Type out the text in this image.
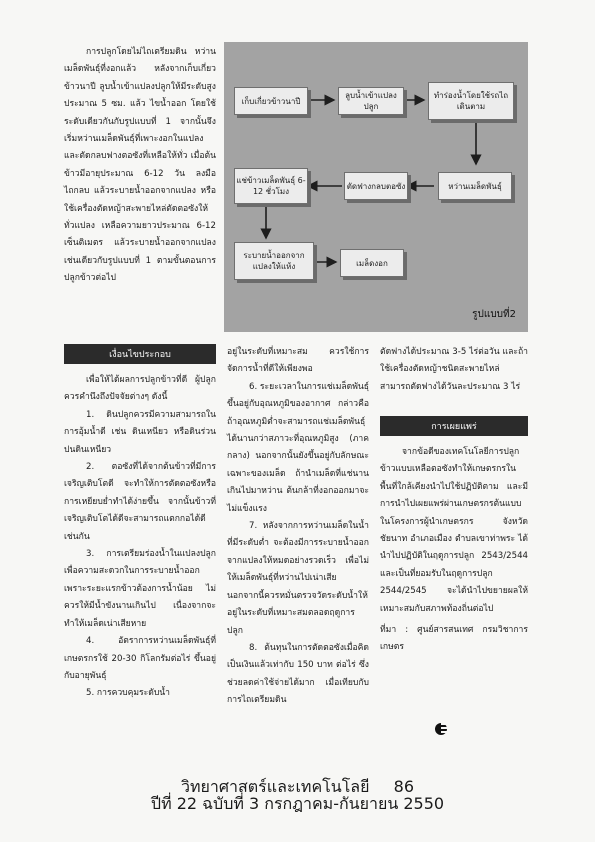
การปลูกโดยไม่ไถเตรียมดิน หว่านเมล็ดพันธุ์ที่งอกแล้ว หลังจากเก็บเกี่ยวข้าวนาปี ลูบน้ำเข้าแปลงปลูกให้มีระดับสูง ประมาณ 5 ซม. แล้ว ไขน้ำออก โดยใช้ระดับเดียวกันกับรูปแบบที่ 1 จากนั้นจึงเริ่มหว่านเมล็ดพันธุ์ที่เพาะงอกในแปลงและตัดกลบฟางตอซังที่เหลือให้ทั่ว เมื่อต้นข้าวมีอายุประมาณ 6-12 วัน ลงมือไถกลบ แล้วระบายน้ำออกจากแปลง หรือใช้เครื่องตัดหญ้าสะพายไหล่ตัดตอซังให้ทั่วแปลง เหลือความยาวประมาณ 6-12 เซ็นติเมตร แล้วระบายน้ำออกจากแปลงเช่นเดียวกับรูปแบบที่ 1 ตามขั้นตอนการปลูกข้าวต่อไป

เก็บเกี่ยวข้าวนาปี
ลูบน้ำเข้าแปลงปลูก
ทำร่องน้ำโดยใช้รถไถเดินตาม
หว่านเมล็ดพันธุ์
ตัดฟางกลบตอซัง
แช่ข้าวเมล็ดพันธุ์ 6-12 ชั่วโมง
ระบายน้ำออกจากแปลงให้แห้ง	เมล็ดงอก
รูปแบบที่2
เงื่อนไขประกอบ

เพื่อให้ได้ผลการปลูกข้าวที่ดี ผู้ปลูกควรคำนึงถึงปัจจัยต่างๆ ดังนี้

1. ดินปลูกควรมีความสามารถในการอุ้มน้ำดี เช่น ดินเหนียว หรือดินร่วนปนดินเหนียว

2. ตอซังที่ได้จากต้นข้าวที่มีการเจริญเติบโตดี จะทำให้การตัดตอซังหรือการเหยียบย่ำทำได้ง่ายขึ้น จากนั้นข้าวที่เจริญเติบโตได้ดีจะสามารถแตกกอได้ดีเช่นกัน

3. การเตรียมร่องน้ำในแปลงปลูกเพื่อความสะดวกในการระบายน้ำออก เพราะระยะแรกข้าวต้องการน้ำน้อย ไม่ควรให้มีน้ำขังนานเกินไป เนื่องจากจะทำให้เมล็ดเน่าเสียหาย

4. อัตราการหว่านเมล็ดพันธุ์ที่เกษตรกรใช้ 20-30 กิโลกรัมต่อไร่ ขึ้นอยู่กับอายุพันธุ์

5. การควบคุมระดับน้ำ

อยู่ในระดับที่เหมาะสม ควรใช้การจัดการน้ำที่ดีให้เพียงพอ

6. ระยะเวลาในการแช่เมล็ดพันธุ์ขึ้นอยู่กับอุณหภูมิของอากาศ กล่าวคือถ้าอุณหภูมิต่ำจะสามารถแช่เมล็ดพันธุ์ได้นานกว่าสภาวะที่อุณหภูมิสูง (ภาคกลาง) นอกจากนั้นยังขึ้นอยู่กับลักษณะเฉพาะของเมล็ด ถ้านำเมล็ดที่แช่นานเกินไปมาหว่าน ต้นกล้าที่งอกออกมาจะไม่แข็งแรง

7. หลังจากการหว่านเมล็ดในน้ำที่มีระดับต่ำ จะต้องมีการระบายน้ำออกจากแปลงให้หมดอย่างรวดเร็ว เพื่อไม่ให้เมล็ดพันธุ์ที่หว่านไปเน่าเสีย นอกจากนี้ควรหมั่นตรวจวัดระดับน้ำให้อยู่ในระดับที่เหมาะสมตลอดฤดูการปลูก

8. ต้นทุนในการตัดตอซังเมื่อคิดเป็นเงินแล้วเท่ากับ 150 บาท ต่อไร่ ซึ่งช่วยลดค่าใช้จ่ายได้มาก เมื่อเทียบกับการไถเตรียมดิน

ตัดฟางได้ประมาณ 3-5 ไร่ต่อวัน และถ้าใช้เครื่องตัดหญ้าชนิดสะพายไหล่สามารถตัดฟางได้วันละประมาณ 3 ไร่

การเผยแพร่

จากข้อดีของเทคโนโลยีการปลูกข้าวแบบเหลือตอซังทำให้เกษตรกรในพื้นที่ใกล้เคียงนำไปใช้ปฏิบัติตาม และมีการนำไปเผยแพร่ผ่านเกษตรกรต้นแบบในโครงการผู้นำเกษตรกร จังหวัดชัยนาท อำเภอเมือง ตำบลเขาท่าพระ ได้นำไปปฏิบัติในฤดูการปลูก 2543/2544 และเป็นที่ยอมรับในฤดูการปลูก 2544/2545 จะได้นำไปขยายผลให้เหมาะสมกับสภาพท้องถิ่นต่อไป

ที่มา : ศูนย์สารสนเทศ กรมวิชาการเกษตร

วิทยาศาสตร์และเทคโนโลยี 86
ปีที่ 22 ฉบับที่ 3 กรกฎาคม-กันยายน 2550
